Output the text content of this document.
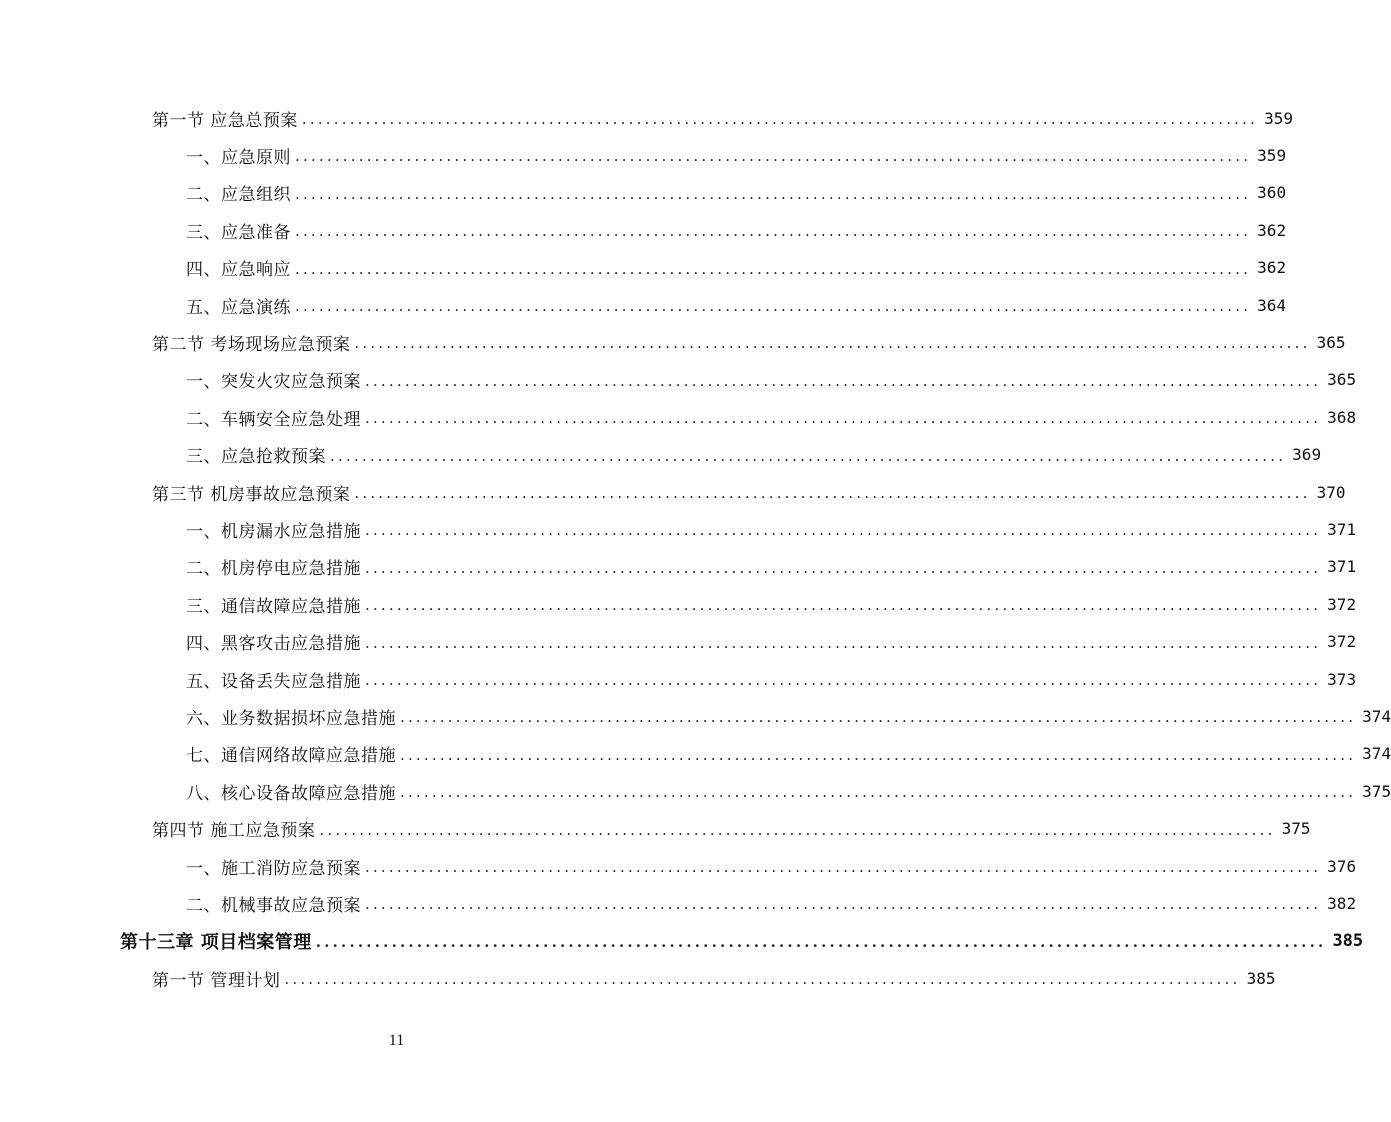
第一节 应急总预案 ........................................................................................................................ 359
一、应急原则 ........................................................................................................................ 359
二、应急组织 ........................................................................................................................ 360
三、应急准备 ........................................................................................................................ 362
四、应急响应 ........................................................................................................................ 362
五、应急演练 ........................................................................................................................ 364
第二节 考场现场应急预案 ........................................................................................................................ 365
一、突发火灾应急预案 ........................................................................................................................ 365
二、车辆安全应急处理 ........................................................................................................................ 368
三、应急抢救预案 ........................................................................................................................ 369
第三节 机房事故应急预案 ........................................................................................................................ 370
一、机房漏水应急措施 ........................................................................................................................ 371
二、机房停电应急措施 ........................................................................................................................ 371
三、通信故障应急措施 ........................................................................................................................ 372
四、黑客攻击应急措施 ........................................................................................................................ 372
五、设备丢失应急措施 ........................................................................................................................ 373
六、业务数据损坏应急措施 ........................................................................................................................ 374
七、通信网络故障应急措施 ........................................................................................................................ 374
八、核心设备故障应急措施 ........................................................................................................................ 375
第四节 施工应急预案 ........................................................................................................................ 375
一、施工消防应急预案 ........................................................................................................................ 376
二、机械事故应急预案 ........................................................................................................................ 382
第十三章 项目档案管理 ........................................................................................................................ 385
第一节 管理计划 ........................................................................................................................ 385
11
